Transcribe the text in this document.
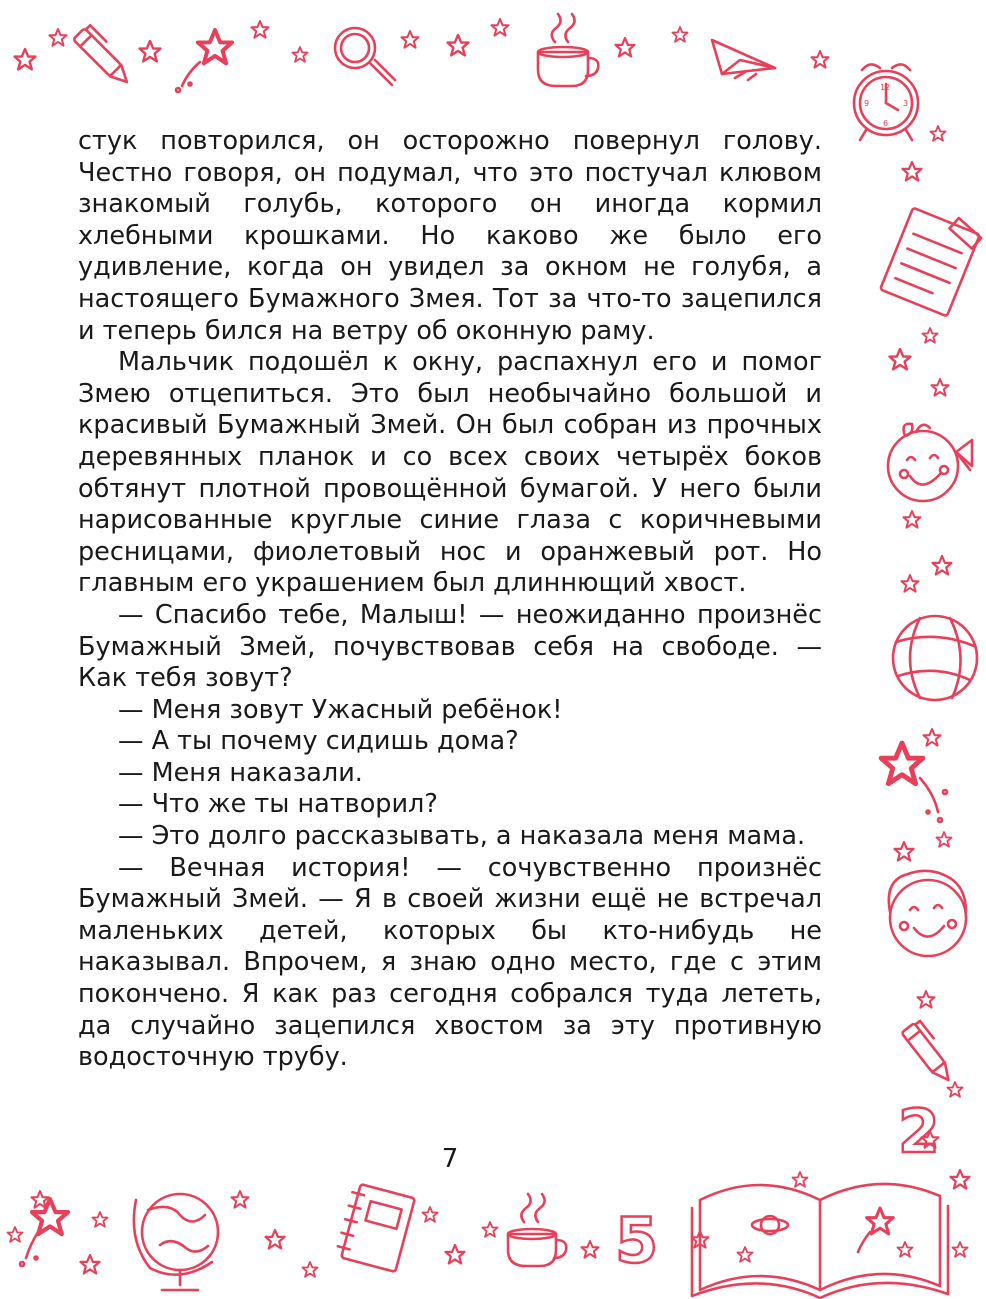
12
3
6
9
2
5

стук повторился, он осторожно повернул голову. Честно говоря, он подумал, что это постучал клювом знакомый голубь, которого он иногда кормил хлебными крошками. Но каково же было его удивление, когда он увидел за окном не голубя, а настоящего Бумажного Змея. Тот за что-то зацепился и теперь бился на ветру об оконную раму.

Мальчик подошёл к окну, распахнул его и помог Змею отцепиться. Это был необычайно большой и красивый Бумажный Змей. Он был собран из прочных деревянных планок и со всех своих четырёх боков обтянут плотной провощённой бумагой. У него были нарисованные круглые синие глаза с коричневыми ресницами, фиолетовый нос и оранжевый рот. Но главным его украшением был длиннющий хвост.

— Спасибо тебе, Малыш! — неожиданно произнёс Бумажный Змей, почувствовав себя на свободе. — Как тебя зовут?

— Меня зовут Ужасный ребёнок!

— А ты почему сидишь дома?

— Меня наказали.

— Что же ты натворил?

— Это долго рассказывать, а наказала меня мама.

— Вечная история! — сочувственно произнёс Бумажный Змей. — Я в своей жизни ещё не встречал маленьких детей, которых бы кто-нибудь не наказывал. Впрочем, я знаю одно место, где с этим покончено. Я как раз сегодня собрался туда лететь, да случайно зацепился хвостом за эту противную водосточную трубу.

7
